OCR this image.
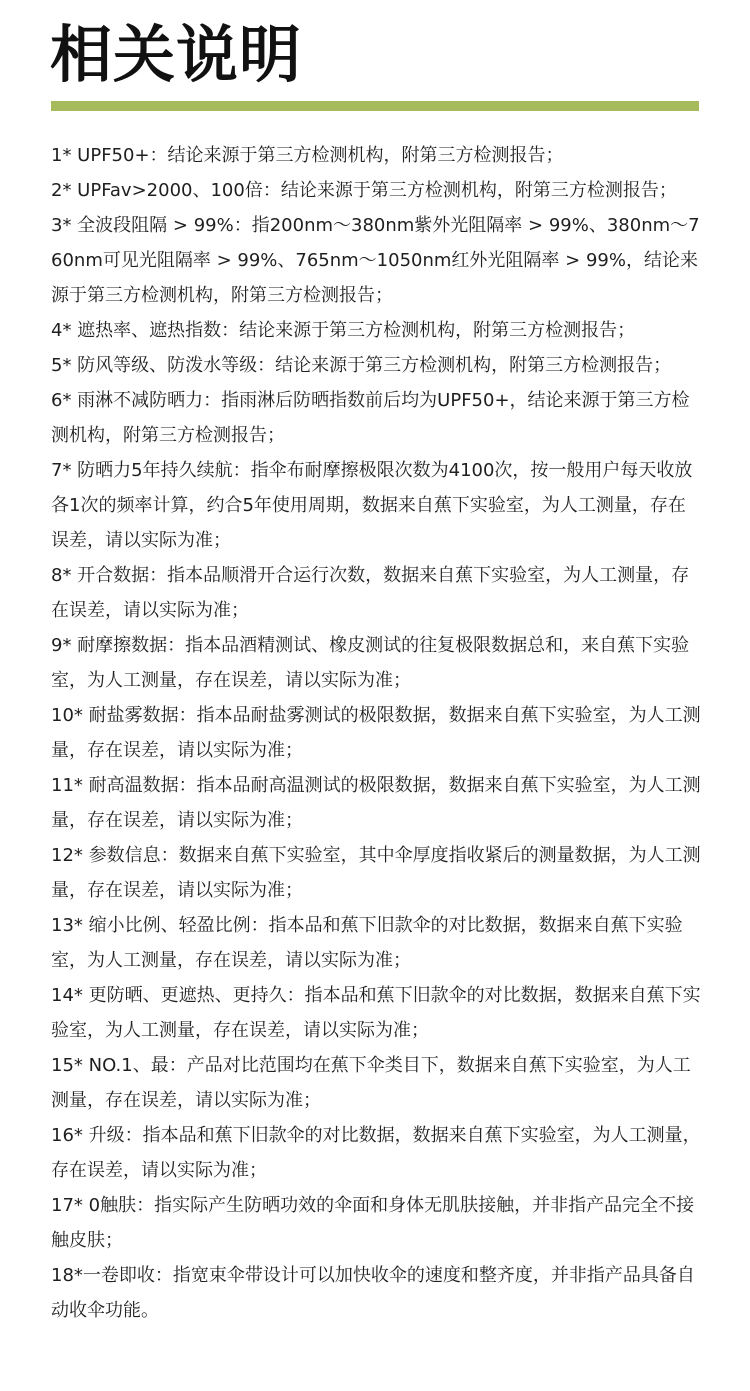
相关说明
1* UPF50+：结论来源于第三方检测机构，附第三方检测报告；
2* UPFav>2000、100倍：结论来源于第三方检测机构，附第三方检测报告；
3* 全波段阻隔 > 99%：指200nm～380nm紫外光阻隔率 > 99%、380nm～760nm可见光阻隔率 > 99%、765nm～1050nm红外光阻隔率 > 99%，结论来源于第三方检测机构，附第三方检测报告；
4* 遮热率、遮热指数：结论来源于第三方检测机构，附第三方检测报告；
5* 防风等级、防泼水等级：结论来源于第三方检测机构，附第三方检测报告；
6* 雨淋不减防晒力：指雨淋后防晒指数前后均为UPF50+，结论来源于第三方检测机构，附第三方检测报告；
7* 防晒力5年持久续航：指伞布耐摩擦极限次数为4100次，按一般用户每天收放各1次的频率计算，约合5年使用周期，数据来自蕉下实验室，为人工测量，存在误差，请以实际为准；
8* 开合数据：指本品顺滑开合运行次数，数据来自蕉下实验室，为人工测量，存在误差，请以实际为准；
9* 耐摩擦数据：指本品酒精测试、橡皮测试的往复极限数据总和，来自蕉下实验室，为人工测量，存在误差，请以实际为准；
10* 耐盐雾数据：指本品耐盐雾测试的极限数据，数据来自蕉下实验室，为人工测量，存在误差，请以实际为准；
11* 耐高温数据：指本品耐高温测试的极限数据，数据来自蕉下实验室，为人工测量，存在误差，请以实际为准；
12* 参数信息：数据来自蕉下实验室，其中伞厚度指收紧后的测量数据，为人工测量，存在误差，请以实际为准；
13* 缩小比例、轻盈比例：指本品和蕉下旧款伞的对比数据，数据来自蕉下实验室，为人工测量，存在误差，请以实际为准；
14* 更防晒、更遮热、更持久：指本品和蕉下旧款伞的对比数据，数据来自蕉下实验室，为人工测量，存在误差，请以实际为准；
15* NO.1、最：产品对比范围均在蕉下伞类目下，数据来自蕉下实验室，为人工测量，存在误差，请以实际为准；
16* 升级：指本品和蕉下旧款伞的对比数据，数据来自蕉下实验室，为人工测量，存在误差，请以实际为准；
17* 0触肤：指实际产生防晒功效的伞面和身体无肌肤接触，并非指产品完全不接触皮肤；
18*一卷即收：指宽束伞带设计可以加快收伞的速度和整齐度，并非指产品具备自动收伞功能。
